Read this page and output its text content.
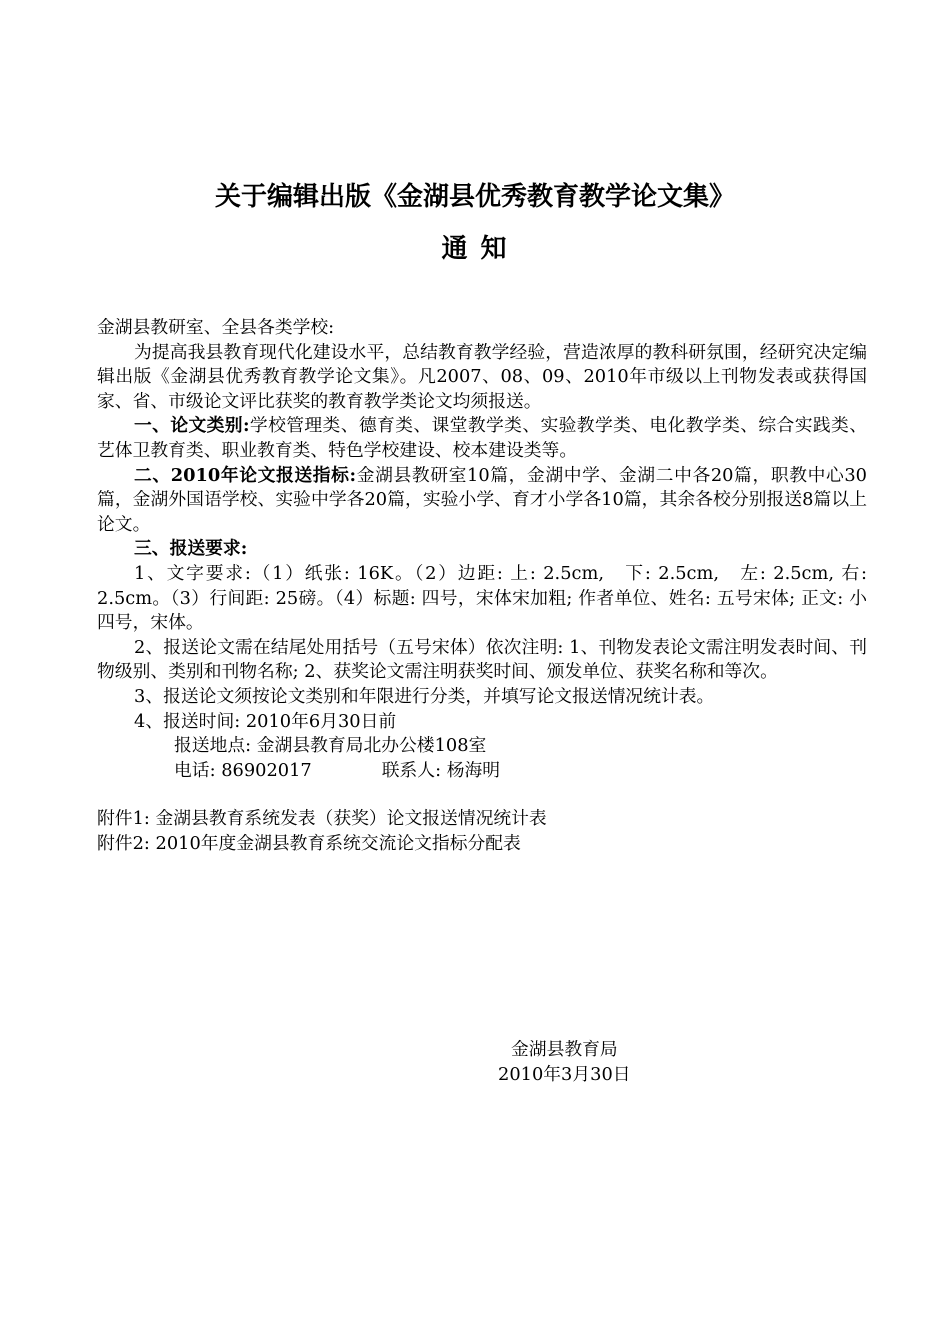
关于编辑出版《金湖县优秀教育教学论文集》
通 知

金湖县教研室、全县各类学校:

为提高我县教育现代化建设水平，总结教育教学经验，营造浓厚的教科研氛围，经研究决定编辑出版《金湖县优秀教育教学论文集》。凡2007、08、09、2010年市级以上刊物发表或获得国家、省、市级论文评比获奖的教育教学类论文均须报送。

一、论文类别:学校管理类、德育类、课堂教学类、实验教学类、电化教学类、综合实践类、艺体卫教育类、职业教育类、特色学校建设、校本建设类等。

二、2010年论文报送指标:金湖县教研室10篇，金湖中学、金湖二中各20篇，职教中心30篇，金湖外国语学校、实验中学各20篇，实验小学、育才小学各10篇，其余各校分别报送8篇以上论文。

三、报送要求:

1、文字要求:（1）纸张: 16K。（2）边距: 上: 2.5cm,　下: 2.5cm,　左: 2.5cm, 右: 2.5cm。（3）行间距: 25磅。（4）标题: 四号，宋体宋加粗; 作者单位、姓名: 五号宋体; 正文: 小四号，宋体。

2、报送论文需在结尾处用括号（五号宋体）依次注明: 1、刊物发表论文需注明发表时间、刊物级别、类别和刊物名称; 2、获奖论文需注明获奖时间、颁发单位、获奖名称和等次。

3、报送论文须按论文类别和年限进行分类，并填写论文报送情况统计表。

4、报送时间: 2010年6月30日前

报送地点: 金湖县教育局北办公楼108室

电话: 86902017	联系人: 杨海明

附件1: 金湖县教育系统发表（获奖）论文报送情况统计表

附件2: 2010年度金湖县教育系统交流论文指标分配表

金湖县教育局
2010年3月30日
